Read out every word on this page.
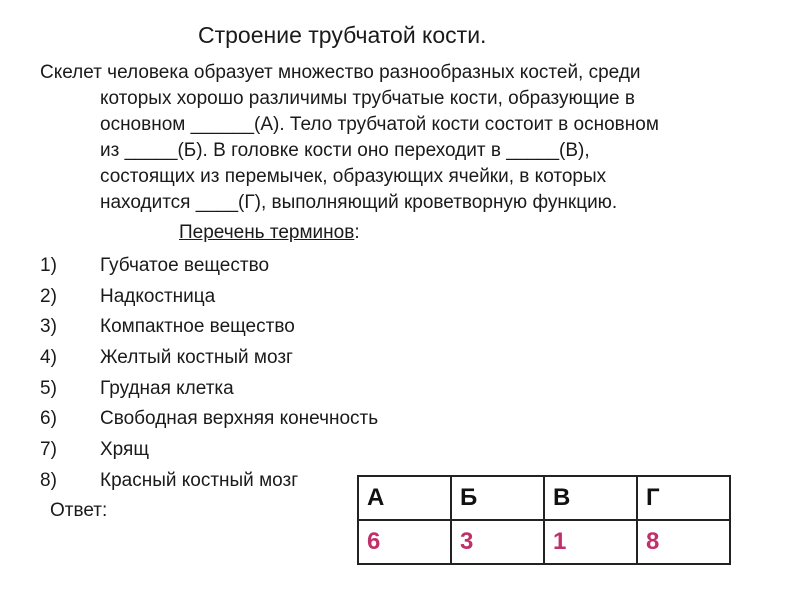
Строение трубчатой кости.
Скелет человека образует множество разнообразных костей, среди
которых хорошо различимы трубчатые кости, образующие в
основном ______(А). Тело трубчатой кости состоит в основном
из _____(Б). В головке кости оно переходит в _____(В),
состоящих из перемычек, образующих ячейки, в которых
находится ____(Г), выполняющий кроветворную функцию.
Перечень терминов:
1) Губчатое вещество
2) Надкостница
3) Компактное вещество
4) Желтый костный мозг
5) Грудная клетка
6) Свободная верхняя конечность
7) Хрящ
8) Красный костный мозг
Ответ:	А	Б	В	Г
6	3	1	8
